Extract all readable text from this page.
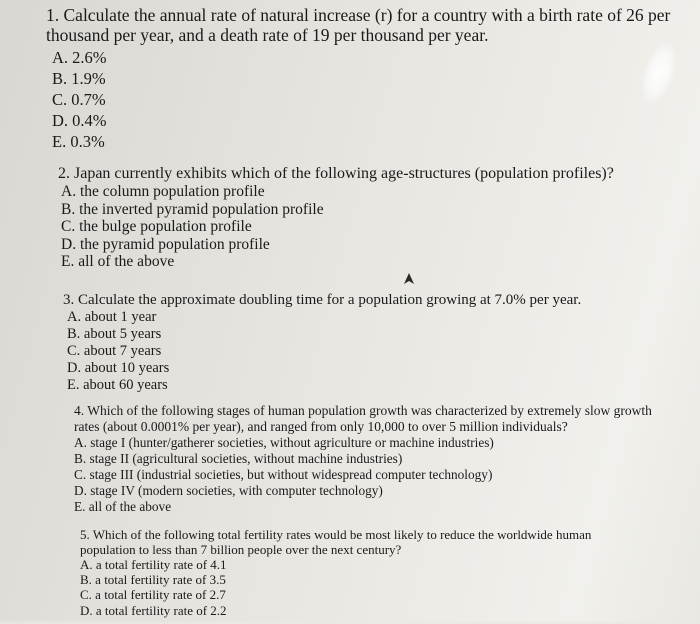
1. Calculate the annual rate of natural increase (r) for a country with a birth rate of 26 per thousand per year, and a death rate of 19 per thousand per year.

A. 2.6%
B. 1.9%
C. 0.7%
D. 0.4%
E. 0.3%

2. Japan currently exhibits which of the following age-structures (population profiles)?

A. the column population profile
B. the inverted pyramid population profile
C. the bulge population profile
D. the pyramid population profile
E. all of the above

3. Calculate the approximate doubling time for a population growing at 7.0% per year.

A. about 1 year
B. about 5 years
C. about 7 years
D. about 10 years
E. about 60 years

4. Which of the following stages of human population growth was characterized by extremely slow growth rates (about 0.0001% per year), and ranged from only 10,000 to over 5 million individuals?

A. stage I (hunter/gatherer societies, without agriculture or machine industries)
B. stage II (agricultural societies, without machine industries)
C. stage III (industrial societies, but without widespread computer technology)
D. stage IV (modern societies, with computer technology)
E. all of the above

5. Which of the following total fertility rates would be most likely to reduce the worldwide human population to less than 7 billion people over the next century?

A. a total fertility rate of 4.1
B. a total fertility rate of 3.5
C. a total fertility rate of 2.7
D. a total fertility rate of 2.2
